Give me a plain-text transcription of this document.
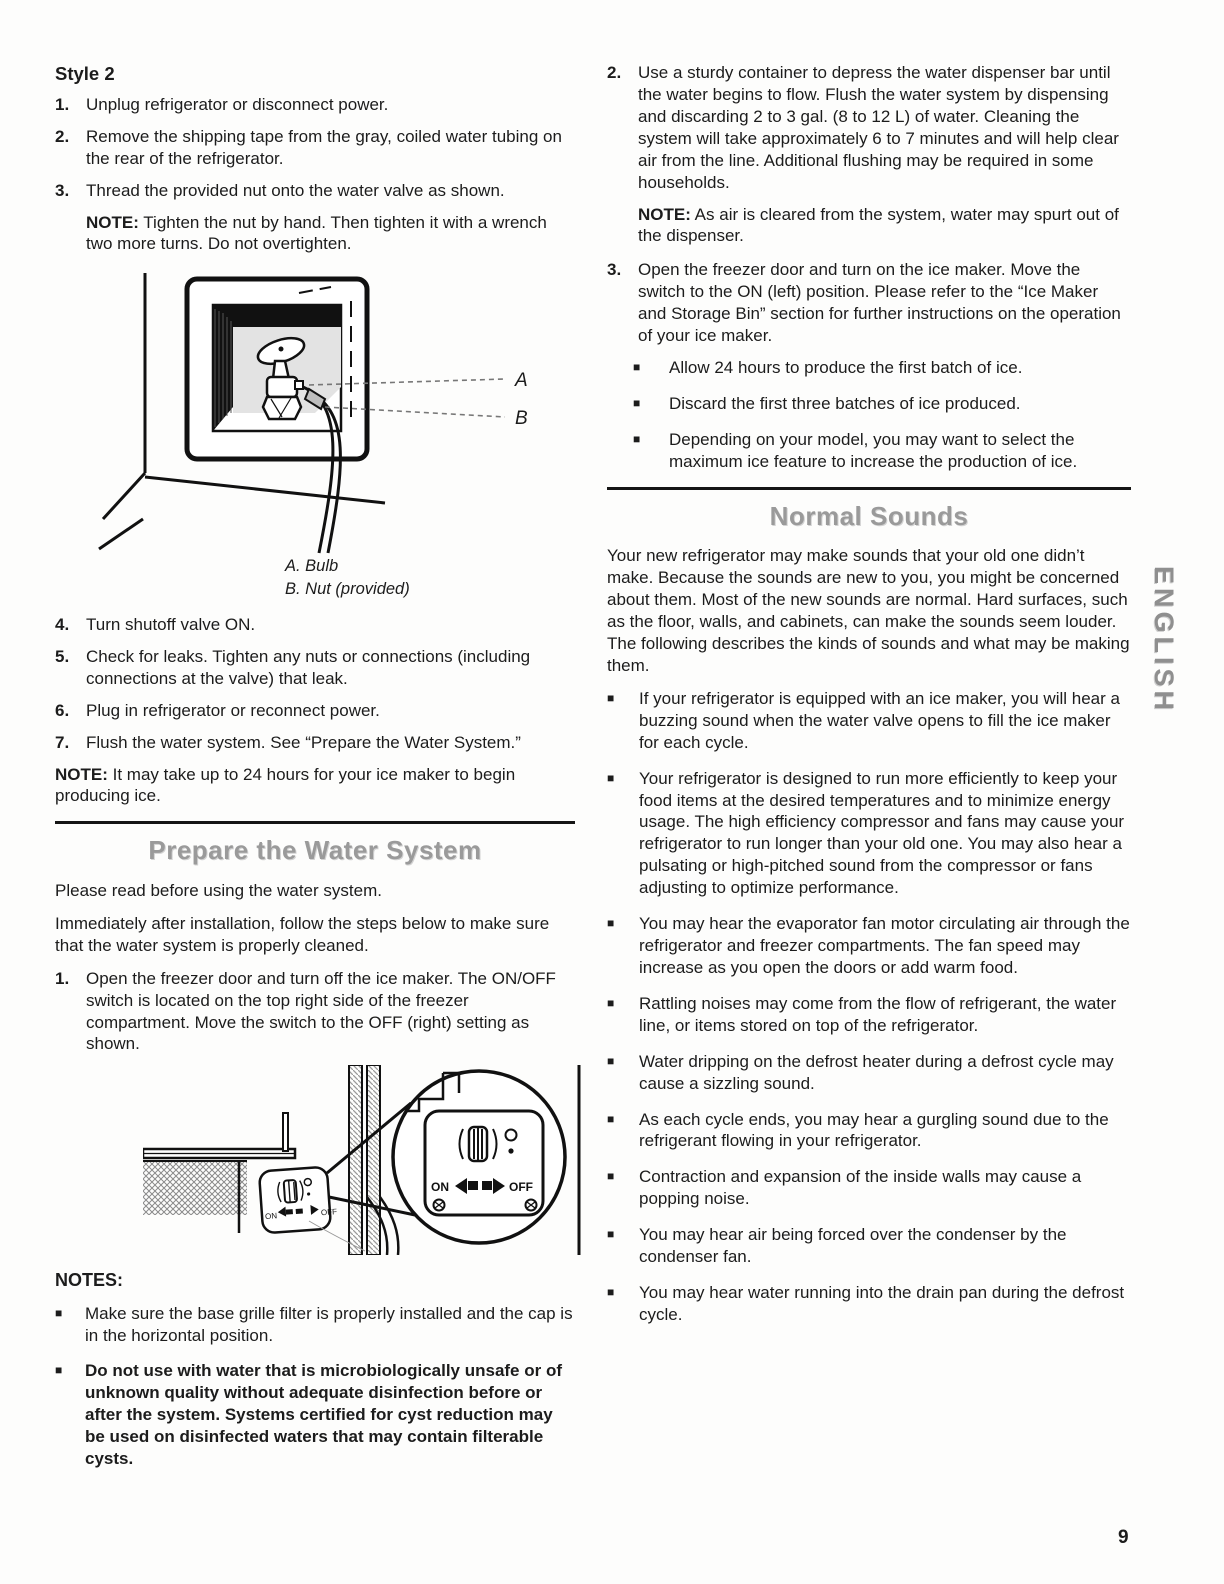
Style 2
1. Unplug refrigerator or disconnect power.
2. Remove the shipping tape from the gray, coiled water tubing on the rear of the refrigerator.
3. Thread the provided nut onto the water valve as shown.
NOTE: Tighten the nut by hand. Then tighten it with a wrench two more turns. Do not overtighten.
A
B
A. Bulb
B. Nut (provided)
4. Turn shutoff valve ON.
5. Check for leaks. Tighten any nuts or connections (including connections at the valve) that leak.
6. Plug in refrigerator or reconnect power.
7. Flush the water system. See “Prepare the Water System.”
NOTE: It may take up to 24 hours for your ice maker to begin producing ice.
Prepare the Water System

Please read before using the water system.

Immediately after installation, follow the steps below to make sure that the water system is properly cleaned.

1. Open the freezer door and turn off the ice maker. The ON/OFF switch is located on the top right side of the freezer compartment. Move the switch to the OFF (right) setting as shown.
ON	OFF
ON	OFF
NOTES:
■	Make sure the base grille filter is properly installed and the cap is in the horizontal position.
■	Do not use with water that is microbiologically unsafe or of unknown quality without adequate disinfection before or after the system. Systems certified for cyst reduction may be used on disinfected waters that may contain filterable cysts.
2. Use a sturdy container to depress the water dispenser bar until the water begins to flow. Flush the water system by dispensing and discarding 2 to 3 gal. (8 to 12 L) of water. Cleaning the system will take approximately 6 to 7 minutes and will help clear air from the line. Additional flushing may be required in some households.
NOTE: As air is cleared from the system, water may spurt out of the dispenser.
3. Open the freezer door and turn on the ice maker. Move the switch to the ON (left) position. Please refer to the “Ice Maker and Storage Bin” section for further instructions on the operation of your ice maker.
■	Allow 24 hours to produce the first batch of ice.
■	Discard the first three batches of ice produced.
■	Depending on your model, you may want to select the maximum ice feature to increase the production of ice.
Normal Sounds

Your new refrigerator may make sounds that your old one didn’t make. Because the sounds are new to you, you might be concerned about them. Most of the new sounds are normal. Hard surfaces, such as the floor, walls, and cabinets, can make the sounds seem louder. The following describes the kinds of sounds and what may be making them.

■	If your refrigerator is equipped with an ice maker, you will hear a buzzing sound when the water valve opens to fill the ice maker for each cycle.
■	Your refrigerator is designed to run more efficiently to keep your food items at the desired temperatures and to minimize energy usage. The high efficiency compressor and fans may cause your refrigerator to run longer than your old one. You may also hear a pulsating or high-pitched sound from the compressor or fans adjusting to optimize performance.
■	You may hear the evaporator fan motor circulating air through the refrigerator and freezer compartments. The fan speed may increase as you open the doors or add warm food.
■	Rattling noises may come from the flow of refrigerant, the water line, or items stored on top of the refrigerator.
■	Water dripping on the defrost heater during a defrost cycle may cause a sizzling sound.
■	As each cycle ends, you may hear a gurgling sound due to the refrigerant flowing in your refrigerator.
■	Contraction and expansion of the inside walls may cause a popping noise.
■	You may hear air being forced over the condenser by the condenser fan.
■	You may hear water running into the drain pan during the defrost cycle.
ENGLISH
9
